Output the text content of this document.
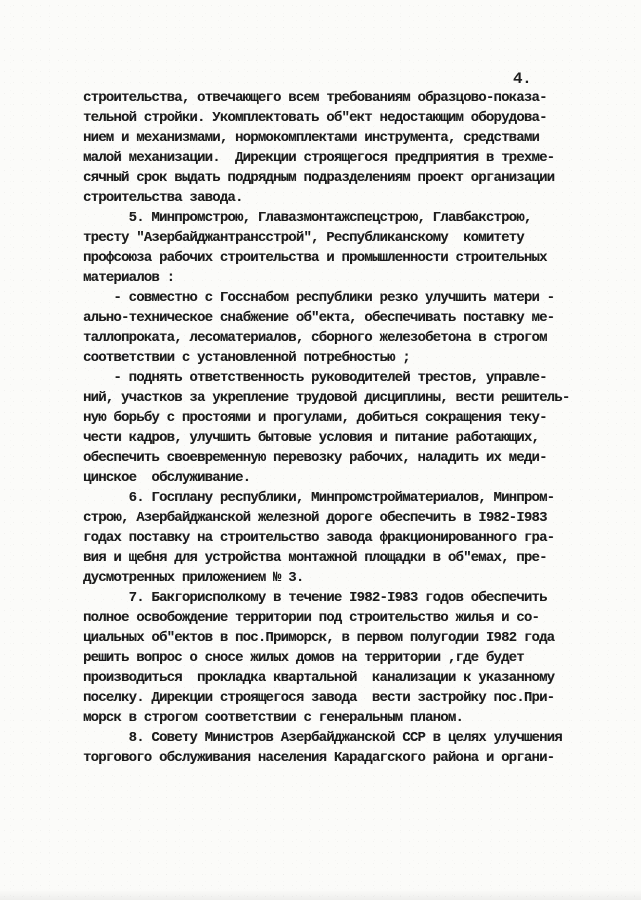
4.
строительства, отвечающего всем требованиям образцово-показа-
тельной стройки. Укомплектовать об"ект недостающим оборудова-
нием и механизмами, нормокомплектами инструмента, средствами
малой механизации.  Дирекции строящегося предприятия в трехме-
сячный срок выдать подрядным подразделениям проект организации
строительства завода.
5. Минпромстрою, Главазмонтажспецстрою, Главбакстрою,
тресту "Азербайджантрансстрой", Республиканскому  комитету
профсоюза рабочих строительства и промышленности строительных
материалов :
- совместно с Госснабом республики резко улучшить матери -
ально-техническое снабжение об"екта, обеспечивать поставку ме-
таллопроката, лесоматериалов, сборного железобетона в строгом
соответствии с установленной потребностью ;
- поднять ответственность руководителей трестов, управле-
ний, участков за укрепление трудовой дисциплины, вести решитель-
ную борьбу с простоями и прогулами, добиться сокращения теку-
чести кадров, улучшить бытовые условия и питание работающих,
обеспечить своевременную перевозку рабочих, наладить их меди-
цинское  обслуживание.
6. Госплану республики, Минпромстройматериалов, Минпром-
строю, Азербайджанской железной дороге обеспечить в I982-I983
годах поставку на строительство завода фракционированного гра-
вия и щебня для устройства монтажной площадки в об"емах, пре-
дусмотренных приложением № 3.
7. Бакгорисполкому в течение I982-I983 годов обеспечить
полное освобождение территории под строительство жилья и со-
циальных об"ектов в пос.Приморск, в первом полугодии I982 года
решить вопрос о сносе жилых домов на территории ,где будет
производиться  прокладка квартальной  канализации к указанному
поселку. Дирекции строящегося завода  вести застройку пос.При-
морск в строгом соответствии с генеральным планом.
8. Совету Министров Азербайджанской ССР в целях улучшения
торгового обслуживания населения Карадагского района и органи-
